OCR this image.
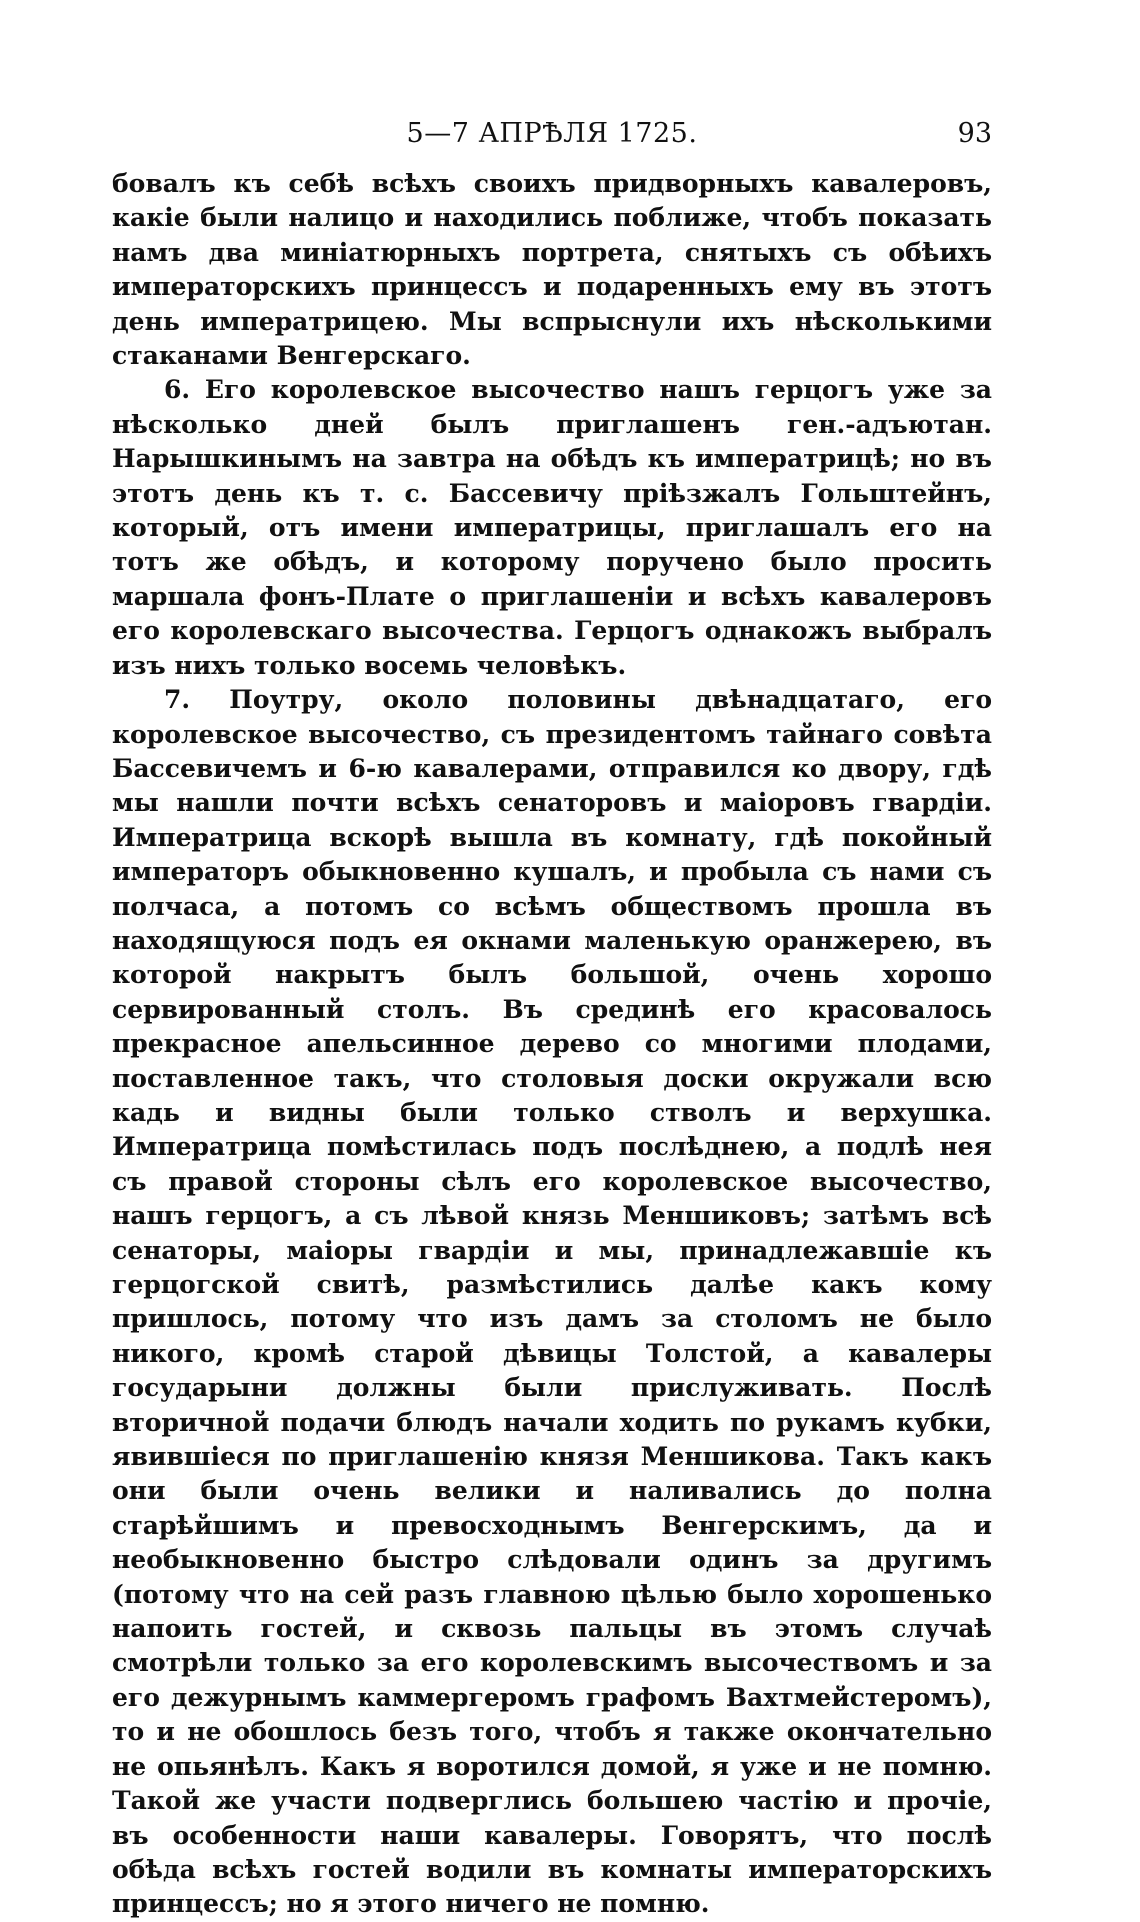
5—7 АПРѢЛЯ 1725.	93

бовалъ къ себѣ всѣхъ своихъ придворныхъ кавалеровъ, какіе были налицо и находились поближе, чтобъ показать намъ два миніатюрныхъ портрета, снятыхъ съ обѣихъ императорскихъ принцессъ и подаренныхъ ему въ этотъ день императрицею. Мы вспрыснули ихъ нѣсколькими стаканами Венгерскаго.

6. Его королевское высочество нашъ герцогъ уже за нѣсколько дней былъ приглашенъ ген.-адъютан. Нарышкинымъ на завтра на обѣдъ къ императрицѣ; но въ этотъ день къ т. с. Бассевичу пріѣзжалъ Гольштейнъ, который, отъ имени императрицы, приглашалъ его на тотъ же обѣдъ, и которому поручено было просить маршала фонъ-Плате о приглашеніи и всѣхъ кавалеровъ его королевскаго высочества. Герцогъ однакожъ выбралъ изъ нихъ только восемь человѣкъ.

7. Поутру, около половины двѣнадцатаго, его королевское высочество, съ президентомъ тайнаго совѣта Бассевичемъ и 6-ю кавалерами, отправился ко двору, гдѣ мы нашли почти всѣхъ сенаторовъ и маіоровъ гвардіи. Императрица вскорѣ вышла въ комнату, гдѣ покойный императоръ обыкновенно кушалъ, и пробыла съ нами съ полчаса, а потомъ со всѣмъ обществомъ прошла въ находящуюся подъ ея окнами маленькую оранжерею, въ которой накрытъ былъ большой, очень хорошо сервированный столъ. Въ срединѣ его красовалось прекрасное апельсинное дерево со многими плодами, поставленное такъ, что столовыя доски окружали всю кадь и видны были только стволъ и верхушка. Императрица помѣстилась подъ послѣднею, а подлѣ нея съ правой стороны сѣлъ его королевское высочество, нашъ герцогъ, а съ лѣвой князь Меншиковъ; затѣмъ всѣ сенаторы, маіоры гвардіи и мы, принадлежавшіе къ герцогской свитѣ, размѣстились далѣе какъ кому пришлось, потому что изъ дамъ за столомъ не было никого, кромѣ старой дѣвицы Толстой, а кавалеры государыни должны были прислуживать. Послѣ вторичной подачи блюдъ начали ходить по рукамъ кубки, явившіеся по приглашенію князя Меншикова. Такъ какъ они были очень велики и наливались до полна старѣйшимъ и превосходнымъ Венгерскимъ, да и необыкновенно быстро слѣдовали одинъ за другимъ (потому что на сей разъ главною цѣлью было хорошенько напоить гостей, и сквозь пальцы въ этомъ случаѣ смотрѣли только за его королевскимъ высочествомъ и за его дежурнымъ каммергеромъ графомъ Вахтмейстеромъ), то и не обошлось безъ того, чтобъ я также окончательно не опьянѣлъ. Какъ я воротился домой, я уже и не помню. Такой же участи подверглись большею частію и прочіе, въ особенности наши кавалеры. Говорятъ, что послѣ обѣда всѣхъ гостей водили въ комнаты императорскихъ принцессъ; но я этого ничего не помню.
